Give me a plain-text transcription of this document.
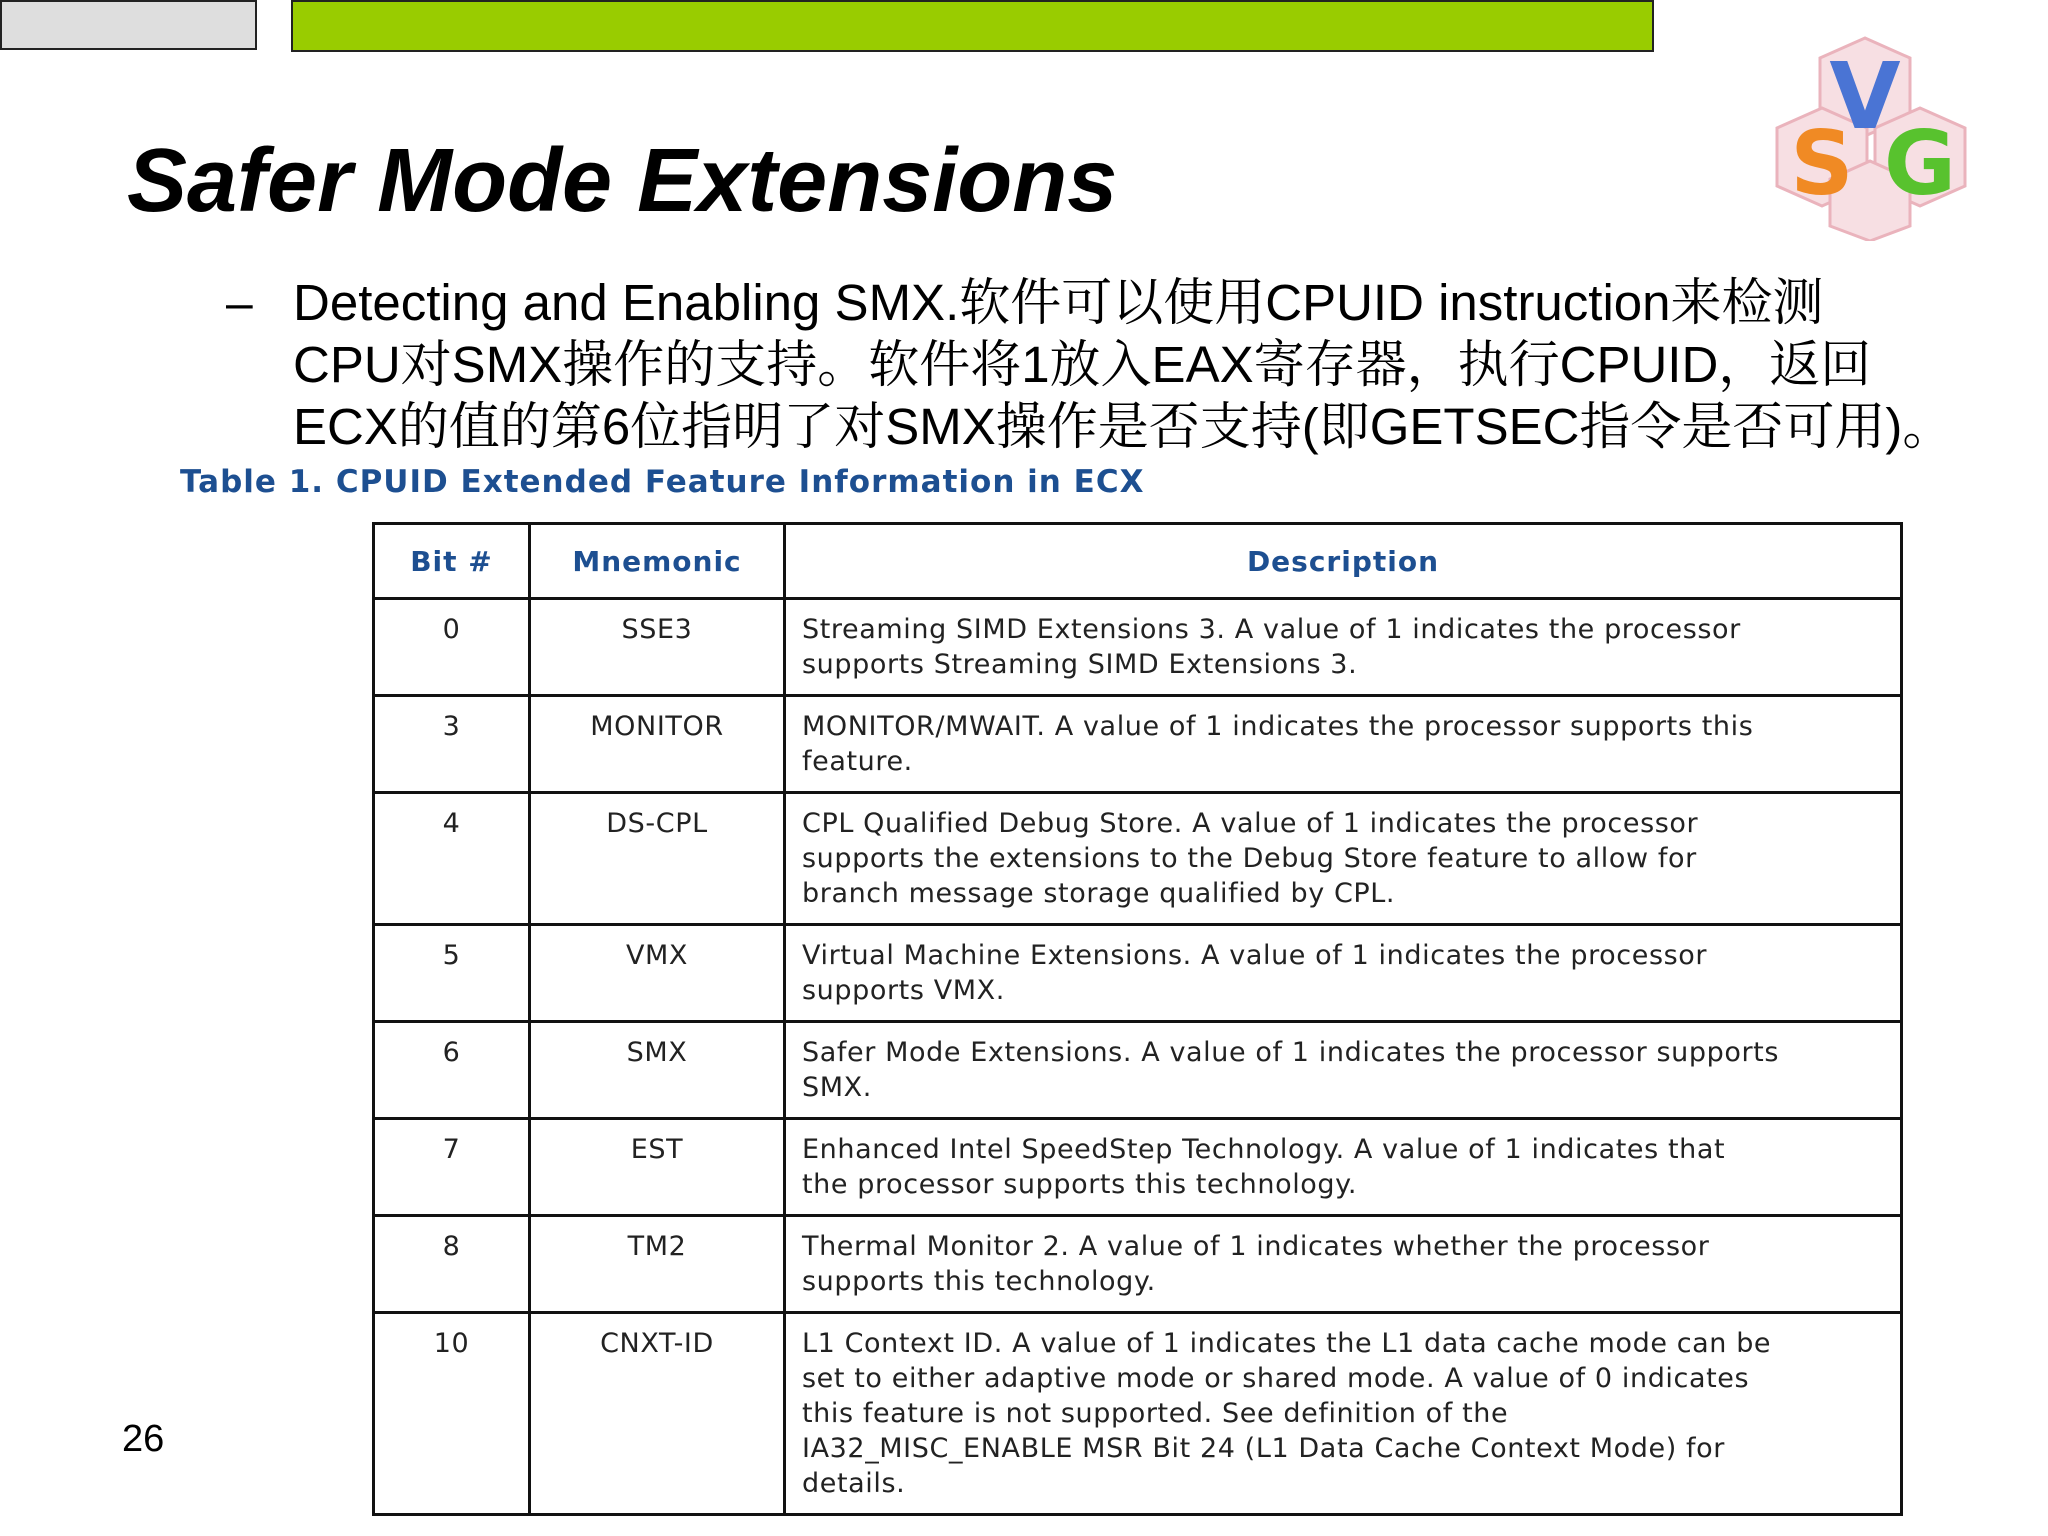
V
S G
Safer Mode Extensions
– Detecting and Enabling SMX.软件可以使用CPUID instruction来检测
CPU对SMX操作的支持。软件将1放入EAX寄存器，执行CPUID，返回
ECX的值的第6位指明了对SMX操作是否支持(即GETSEC指令是否可用)。
Table 1. CPUID Extended Feature Information in ECX
Bit #	Mnemonic	Description
0	SSE3	Streaming SIMD Extensions 3. A value of 1 indicates the processor
supports Streaming SIMD Extensions 3.

3	MONITOR	MONITOR/MWAIT. A value of 1 indicates the processor supports this
feature.

4	DS-CPL	CPL Qualified Debug Store. A value of 1 indicates the processor
supports the extensions to the Debug Store feature to allow for
branch message storage qualified by CPL.

5	VMX	Virtual Machine Extensions. A value of 1 indicates the processor
supports VMX.

6	SMX	Safer Mode Extensions. A value of 1 indicates the processor supports
SMX.

7	EST	Enhanced Intel SpeedStep Technology. A value of 1 indicates that
the processor supports this technology.

8	TM2	Thermal Monitor 2. A value of 1 indicates whether the processor
supports this technology.

10	CNXT-ID	L1 Context ID. A value of 1 indicates the L1 data cache mode can be
set to either adaptive mode or shared mode. A value of 0 indicates
this feature is not supported. See definition of the
IA32_MISC_ENABLE MSR Bit 24 (L1 Data Cache Context Mode) for
details.
26
